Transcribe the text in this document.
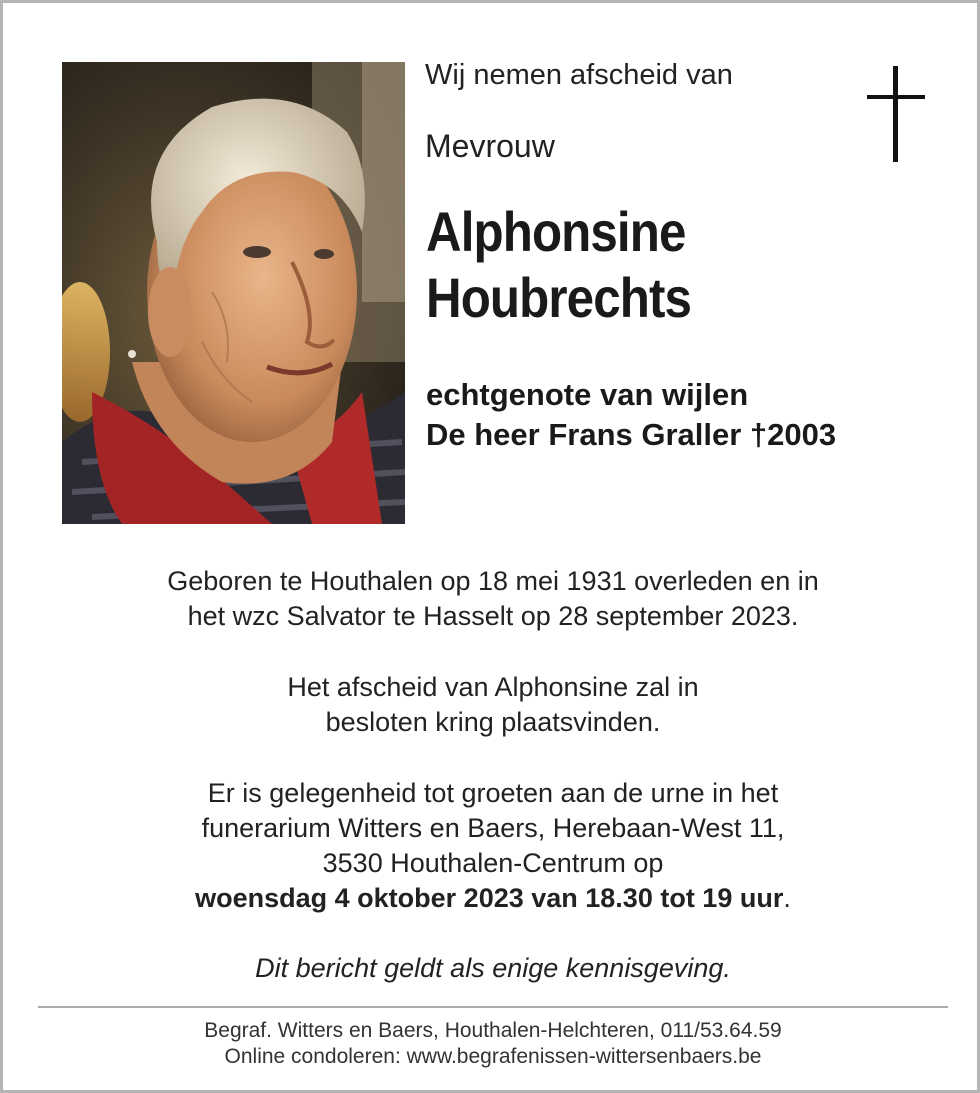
Wij nemen afscheid van
Mevrouw
Alphonsine
Houbrechts
echtgenote van wijlen
De heer Frans Graller †2003

Geboren te Houthalen op 18 mei 1931 overleden en in

het wzc Salvator te Hasselt op 28 september 2023.

Het afscheid van Alphonsine zal in

besloten kring plaatsvinden.

Er is gelegenheid tot groeten aan de urne in het

funerarium Witters en Baers, Herebaan-West 11,

3530 Houthalen-Centrum op

woensdag 4 oktober 2023 van 18.30 tot 19 uur.

Dit bericht geldt als enige kennisgeving.

Begraf. Witters en Baers, Houthalen-Helchteren, 011/53.64.59

Online condoleren: www.begrafenissen-wittersenbaers.be
